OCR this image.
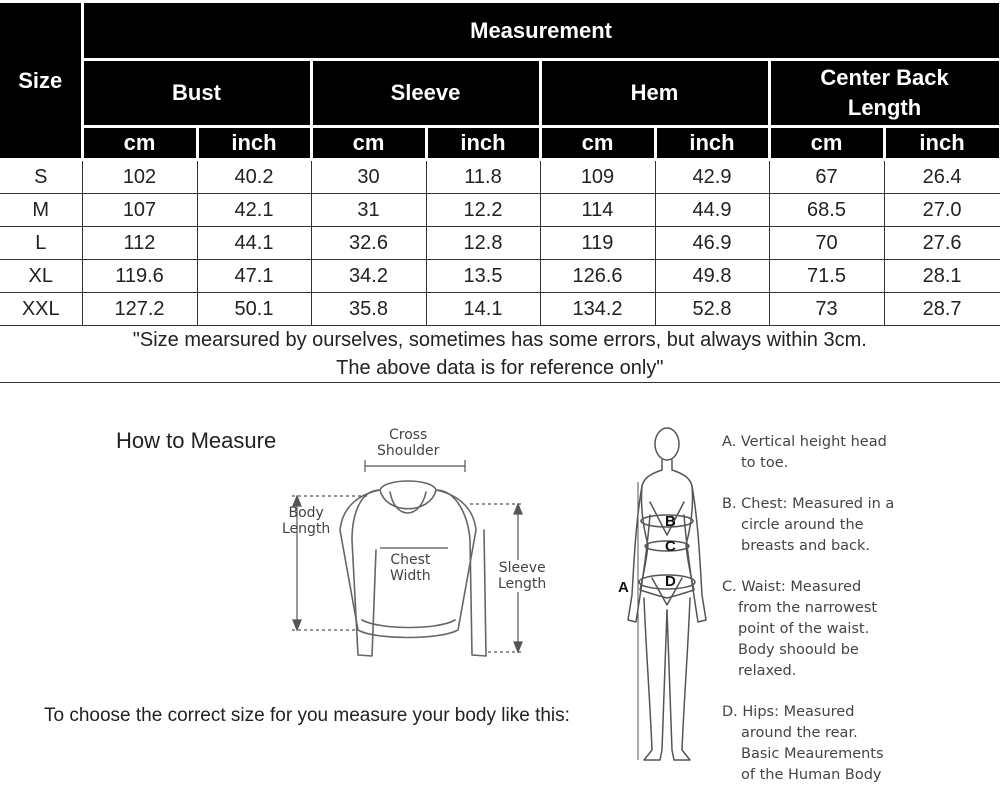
Size	Measurement							
	Bust		Sleeve		Hem		Center Back Length	
	cm	inch	cm	inch	cm	inch	cm	inch
S	102	40.2	30	11.8	109	42.9	67	26.4
M	107	42.1	31	12.2	114	44.9	68.5	27.0
L	112	44.1	32.6	12.8	119	46.9	70	27.6
XL	119.6	47.1	34.2	13.5	126.6	49.8	71.5	28.1
XXL	127.2	50.1	35.8	14.1	134.2	52.8	73	28.7

"Size mearsured by ourselves, sometimes has some errors, but always within 3cm.
The above data is for reference only"								
How to Measure	Cross
Shoulder
Body
Length
Chest
Width	Sleeve
Length
To choose the correct size for you measure your body like this:
A
B
C
D
A. Vertical height head
to toe.
B. Chest: Measured in a
circle around the
breasts and back.
C. Waist: Measured
from the narrowest
point of the waist.
Body shoould be
relaxed.
D. Hips: Measured
around the rear.
Basic Meaurements
of the Human Body
